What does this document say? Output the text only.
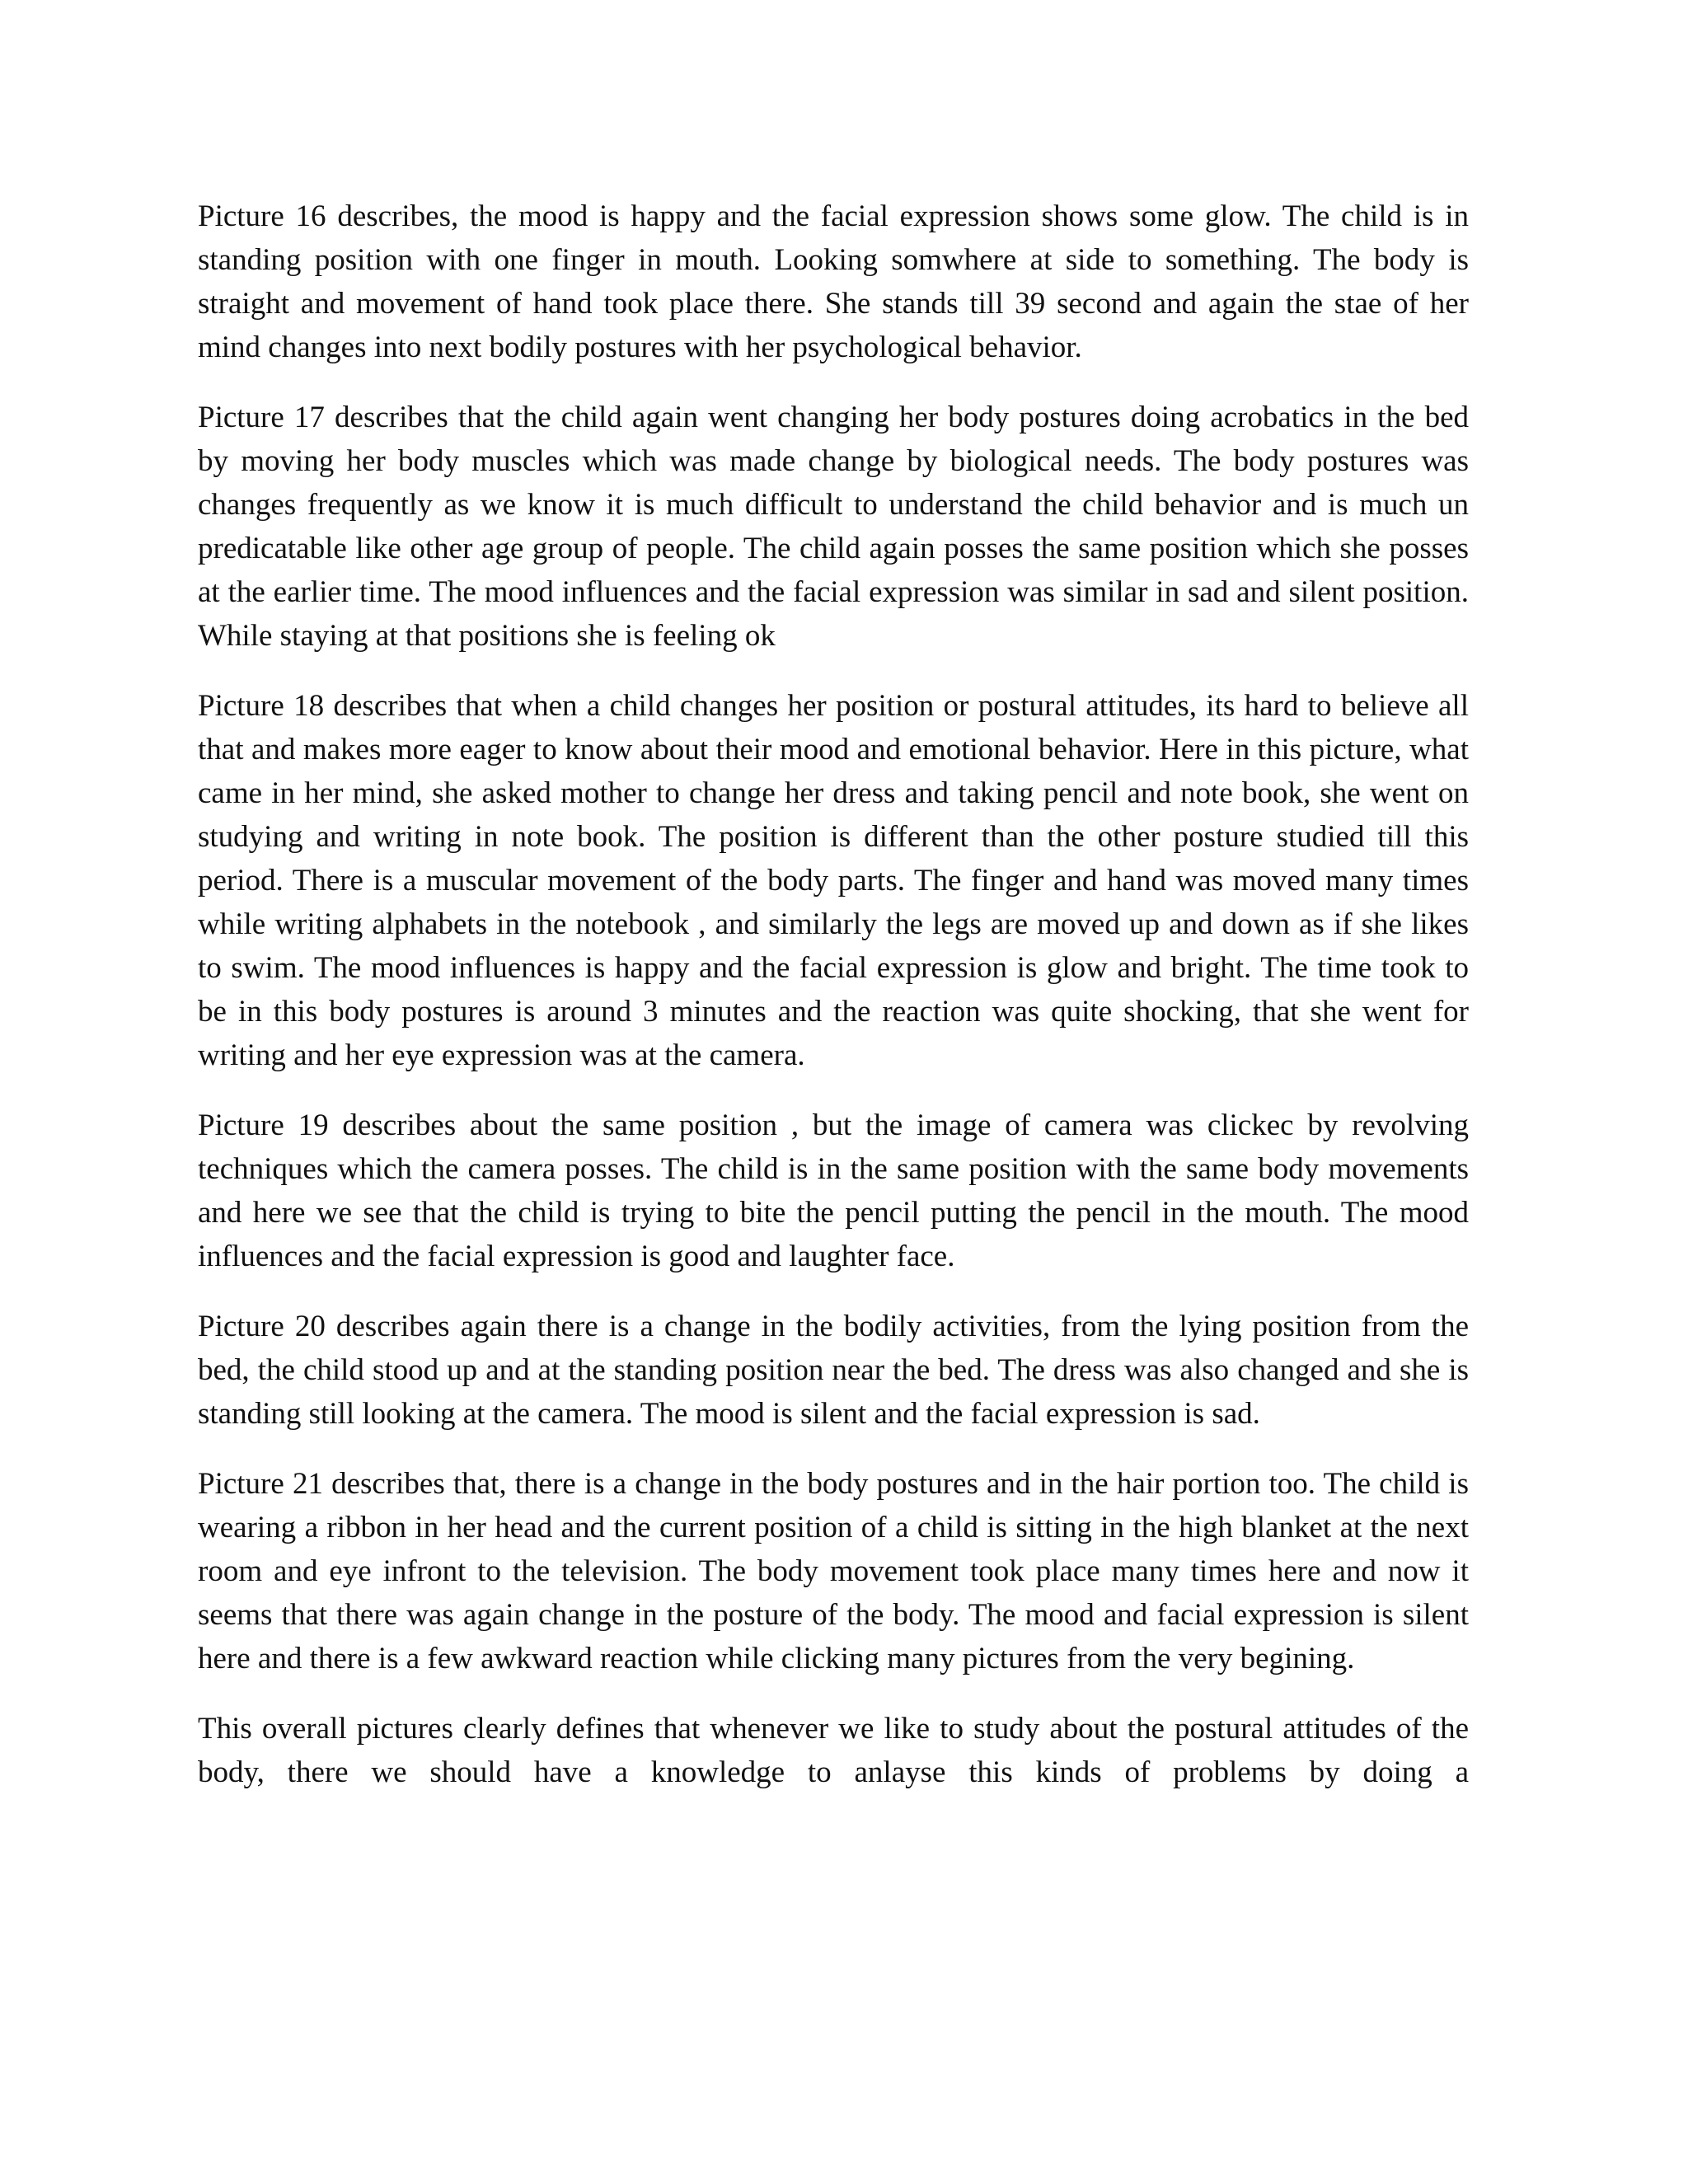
Picture 16 describes, the mood is happy and the facial expression shows some glow. The child is in standing position with one finger in mouth. Looking somwhere at side to something. The body is straight and movement of hand took place there. She stands till 39 second and again the stae of her mind changes into next bodily postures with her psychological behavior.

Picture 17 describes that the child again went changing her body postures doing acrobatics in the bed by moving her body muscles which was made change by biological needs. The body postures was changes frequently as we know it is much difficult to understand the child behavior and is much un predicatable like other age group of people. The child again posses the same position which she posses at the earlier time. The mood influences and the facial expression was similar in sad and silent position. While staying at that positions she is feeling ok

Picture 18 describes that when a child changes her position or postural attitudes, its hard to believe all that and makes more eager to know about their mood and emotional behavior. Here in this picture, what came in her mind, she asked mother to change her dress and taking pencil and note book, she went on studying and writing in note book. The position is different than the other posture studied till this period. There is a muscular movement of the body parts. The finger and hand was moved many times while writing alphabets in the notebook , and similarly the legs are moved up and down as if she likes to swim. The mood influences is happy and the facial expression is glow and bright. The time took to be in this body postures is around 3 minutes and the reaction was quite shocking, that she went for writing and her eye expression was at the camera.

Picture 19 describes about the same position , but the image of camera was clickec by revolving techniques which the camera posses. The child is in the same position with the same body movements and here we see that the child is trying to bite the pencil putting the pencil in the mouth. The mood influences and the facial expression is good and laughter face.

Picture 20 describes again there is a change in the bodily activities, from the lying position from the bed, the child stood up and at the standing position near the bed. The dress was also changed and she is standing still looking at the camera. The mood is silent and the facial expression is sad.

Picture 21 describes that, there is a change in the body postures and in the hair portion too. The child is wearing a ribbon in her head and the current position of a child is sitting in the high blanket at the next room and eye infront to the television. The body movement took place many times here and now it seems that there was again change in the posture of the body. The mood and facial expression is silent here and there is a few awkward reaction while clicking many pictures from the very begining.

This overall pictures clearly defines that whenever we like to study about the postural attitudes of the body, there we should have a knowledge to anlayse this kinds of problems by doing a
